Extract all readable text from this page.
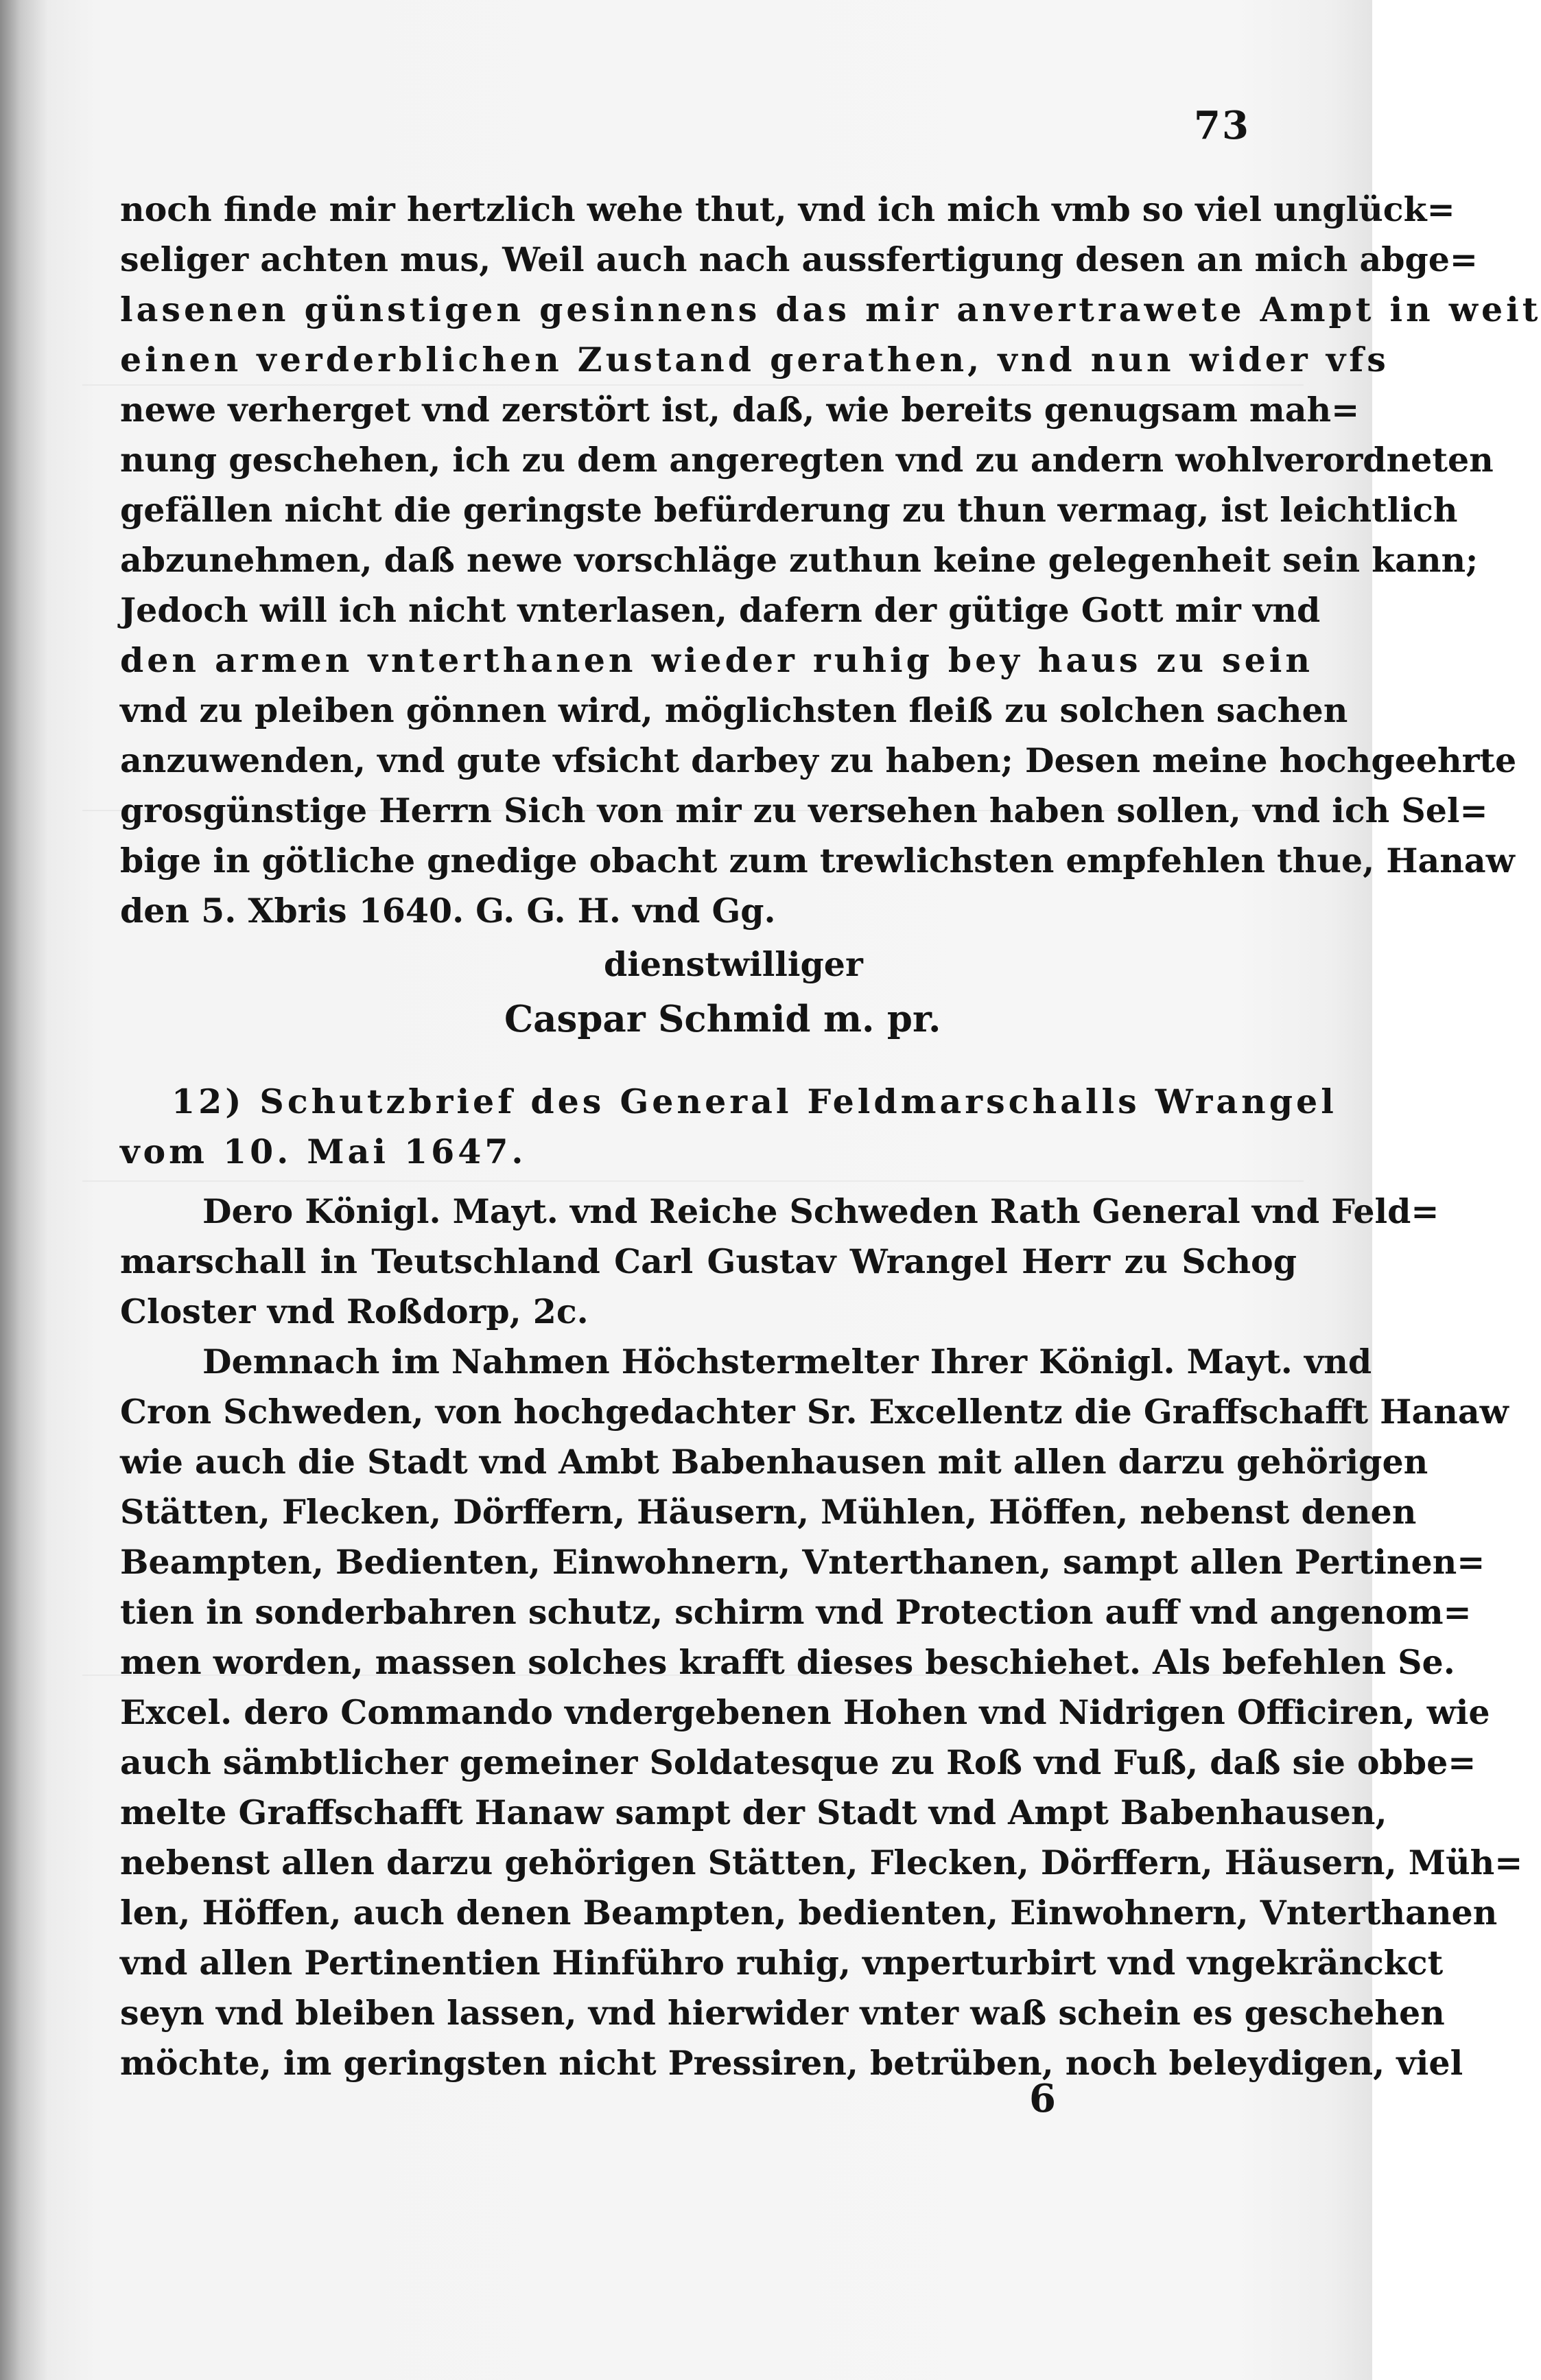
73
noch finde mir hertzlich wehe thut, vnd ich mich vmb so viel unglück=
seliger achten mus, Weil auch nach aussfertigung desen an mich abge=
lasenen günstigen gesinnens das mir anvertrawete Ampt in weit
einen verderblichen Zustand gerathen, vnd nun wider vfs
newe verherget vnd zerstört ist, daß, wie bereits genugsam mah=
nung geschehen, ich zu dem angeregten vnd zu andern wohlverordneten
gefällen nicht die geringste befürderung zu thun vermag, ist leichtlich
abzunehmen, daß newe vorschläge zuthun keine gelegenheit sein kann;
Jedoch will ich nicht vnterlasen, dafern der gütige Gott mir vnd
den armen vnterthanen wieder ruhig bey haus zu sein
vnd zu pleiben gönnen wird, möglichsten fleiß zu solchen sachen
anzuwenden, vnd gute vfsicht darbey zu haben; Desen meine hochgeehrte
grosgünstige Herrn Sich von mir zu versehen haben sollen, vnd ich Sel=
bige in götliche gnedige obacht zum trewlichsten empfehlen thue, Hanaw
den 5. Xbris 1640. G. G. H. vnd Gg.
dienstwilliger
Caspar Schmid m. pr.
12) Schutzbrief des General Feldmarschalls Wrangel
vom 10. Mai 1647.
Dero Königl. Mayt. vnd Reiche Schweden Rath General vnd Feld=
marschall in Teutschland Carl Gustav Wrangel Herr zu Schog
Closter vnd Roßdorp, 2c.
Demnach im Nahmen Höchstermelter Ihrer Königl. Mayt. vnd
Cron Schweden, von hochgedachter Sr. Excellentz die Graffschafft Hanaw
wie auch die Stadt vnd Ambt Babenhausen mit allen darzu gehörigen
Stätten, Flecken, Dörffern, Häusern, Mühlen, Höffen, nebenst denen
Beampten, Bedienten, Einwohnern, Vnterthanen, sampt allen Pertinen=
tien in sonderbahren schutz, schirm vnd Protection auff vnd angenom=
men worden, massen solches krafft dieses beschiehet. Als befehlen Se.
Excel. dero Commando vndergebenen Hohen vnd Nidrigen Officiren, wie
auch sämbtlicher gemeiner Soldatesque zu Roß vnd Fuß, daß sie obbe=
melte Graffschafft Hanaw sampt der Stadt vnd Ampt Babenhausen,
nebenst allen darzu gehörigen Stätten, Flecken, Dörffern, Häusern, Müh=
len, Höffen, auch denen Beampten, bedienten, Einwohnern, Vnterthanen
vnd allen Pertinentien Hinführo ruhig, vnperturbirt vnd vngekränckct
seyn vnd bleiben lassen, vnd hierwider vnter waß schein es geschehen
möchte, im geringsten nicht Pressiren, betrüben, noch beleydigen, viel
6
